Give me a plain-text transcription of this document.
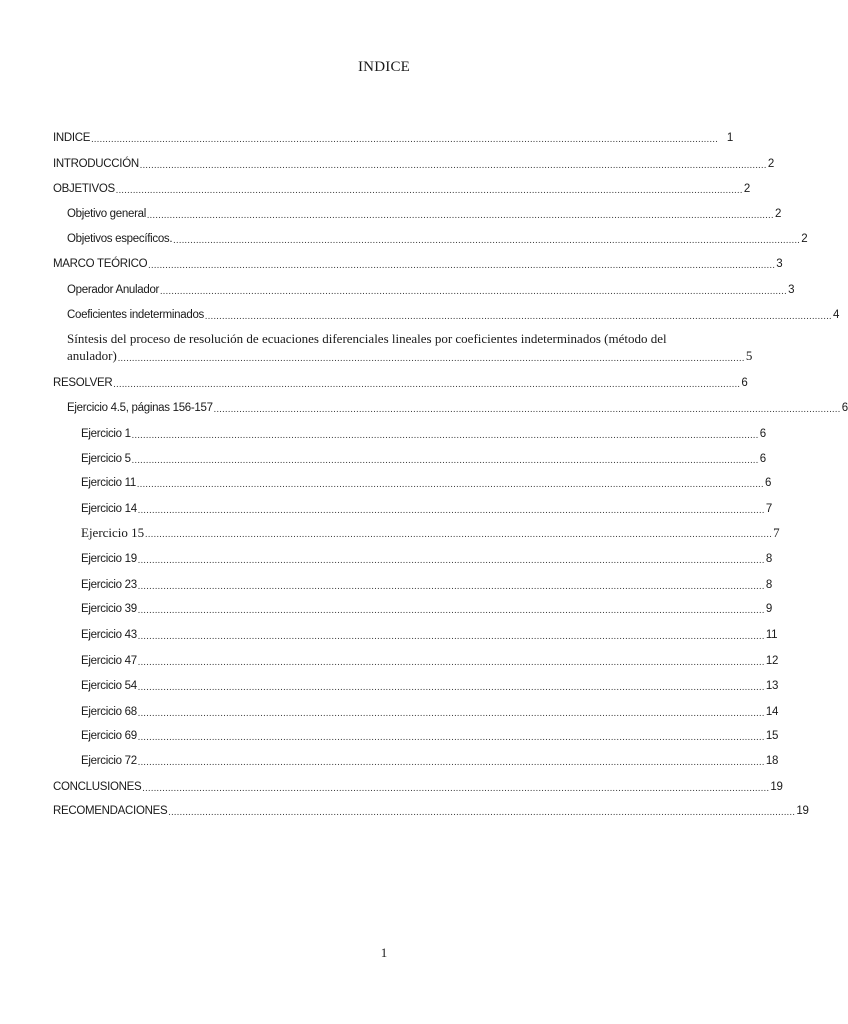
INDICE
INDICE ............................................................................................................................................................................................................................ 1
INTRODUCCIÓN ............................................................................................................................................................................................................................ 2
OBJETIVOS ............................................................................................................................................................................................................................ 2
Objetivo general ............................................................................................................................................................................................................................ 2
Objetivos específicos. ............................................................................................................................................................................................................................ 2
MARCO TEÓRICO ............................................................................................................................................................................................................................ 3
Operador Anulador ............................................................................................................................................................................................................................ 3
Coeficientes indeterminados ............................................................................................................................................................................................................................ 4
Síntesis del proceso de resolución de ecuaciones diferenciales lineales por coeficientes indeterminados (método del
anulador) ............................................................................................................................................................................................................................ 5
RESOLVER ............................................................................................................................................................................................................................ 6
Ejercicio 4.5, páginas 156-157 ............................................................................................................................................................................................................................ 6
Ejercicio 1 ............................................................................................................................................................................................................................ 6
Ejercicio 5 ............................................................................................................................................................................................................................ 6
Ejercicio 11 ............................................................................................................................................................................................................................ 6
Ejercicio 14 ............................................................................................................................................................................................................................ 7
Ejercicio 15 ............................................................................................................................................................................................................................ 7
Ejercicio 19 ............................................................................................................................................................................................................................ 8
Ejercicio 23 ............................................................................................................................................................................................................................ 8
Ejercicio 39 ............................................................................................................................................................................................................................ 9
Ejercicio 43 ............................................................................................................................................................................................................................ 11
Ejercicio 47 ............................................................................................................................................................................................................................ 12
Ejercicio 54 ............................................................................................................................................................................................................................ 13
Ejercicio 68 ............................................................................................................................................................................................................................ 14
Ejercicio 69 ............................................................................................................................................................................................................................ 15
Ejercicio 72 ............................................................................................................................................................................................................................ 18
CONCLUSIONES ............................................................................................................................................................................................................................ 19
RECOMENDACIONES ............................................................................................................................................................................................................................ 19
1
